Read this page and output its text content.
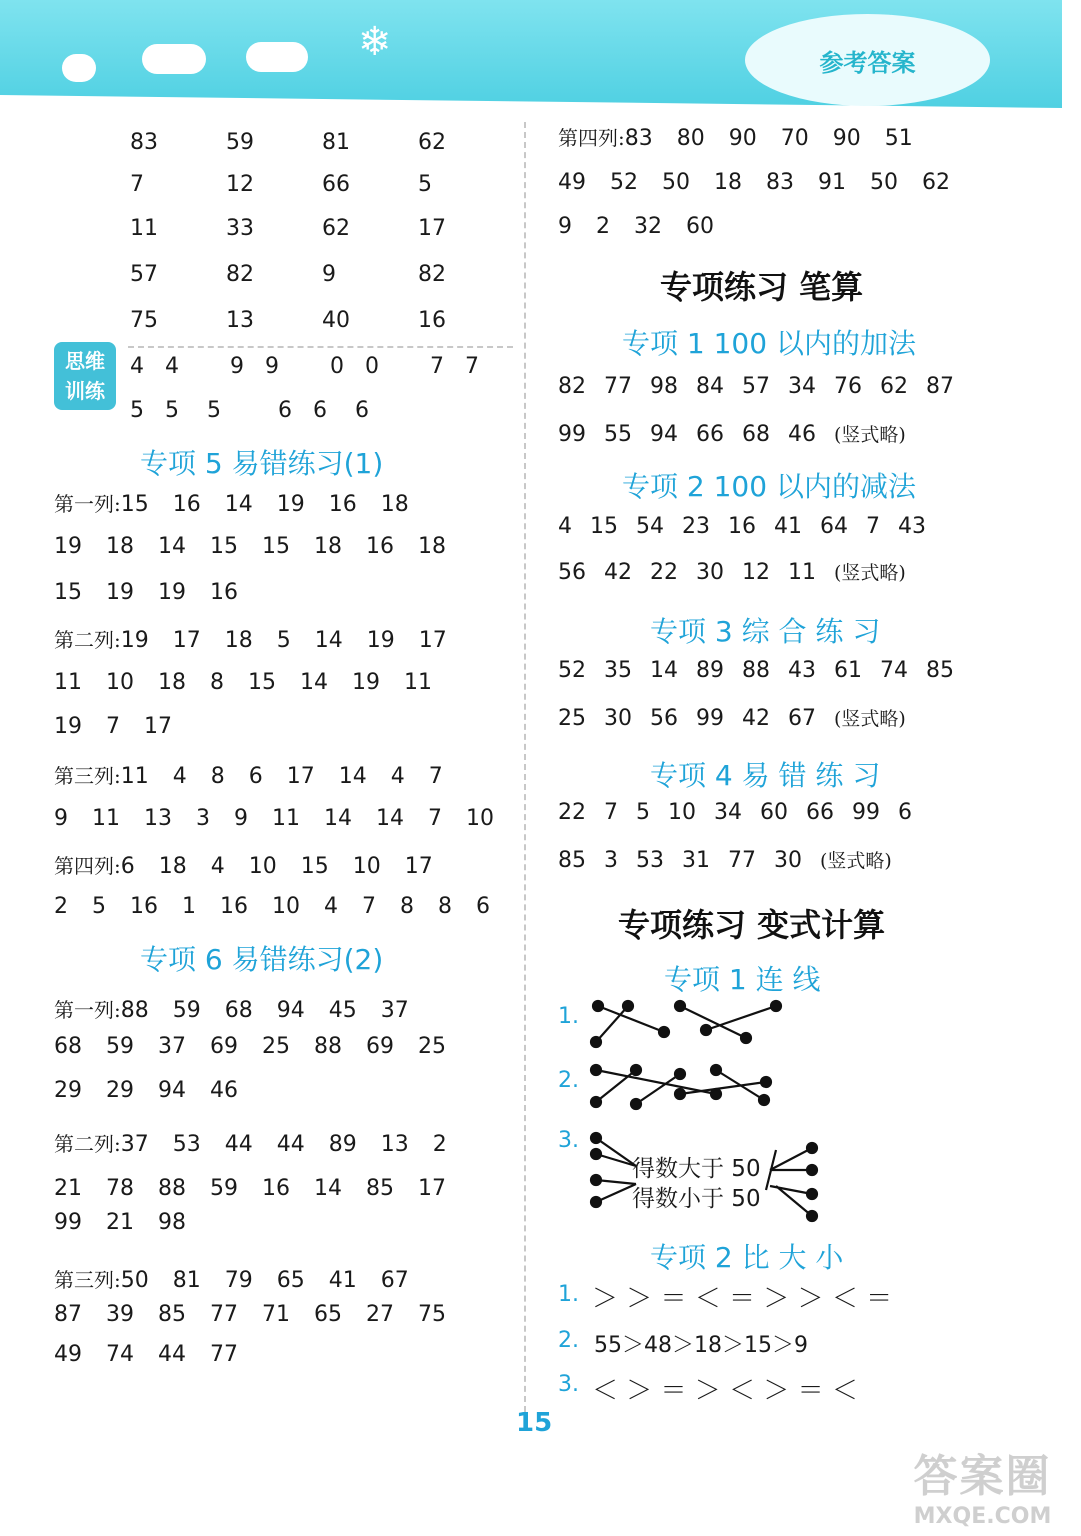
❄	参考答案
83	59	81	62
7	12	66	5
11	33	62	17
57	82	9	82
75	13	40	16
思维
训练
4 4 9 9 0 0 7 7
5 5 5	6 6 6
专项 5 易错练习(1)
第一列:15 16 14 19 16 18
19 18 14 15 15 18 16 18
15 19 19 16
第二列:19 17 18 5 14 19 17
11 10 18 8 15 14 19 11
19 7 17
第三列:11 4 8 6 17 14 4 7
9 11 13 3 9 11 14 14 7 10
第四列:6 18 4 10 15 10 17
2 5 16 1 16 10 4 7 8 8 6
专项 6 易错练习(2)
第一列:88 59 68 94 45 37
68 59 37 69 25 88 69 25
29 29 94 46
第二列:37 53 44 44 89 13 2
21 78 88 59 16 14 85 17
99 21 98
第三列:50 81 79 65 41 67
87 39 85 77 71 65 27 75
49 74 44 77
第四列:83 80 90 70 90 51
49 52 50 18 83 91 50 62
9 2 32 60
专项练习 笔算
专项 1 100 以内的加法
82 77 98 84 57 34 76 62 87
99 55 94 66 68 46 (竖式略)
专项 2 100 以内的减法
4 15 54 23 16 41 64 7 43
56 42 22 30 12 11 (竖式略)
专项 3 综 合 练 习
52 35 14 89 88 43 61 74 85
25 30 56 99 42 67 (竖式略)
专项 4 易 错 练 习
22 7 5 10 34 60 66 99 6
85 3 53 31 77 30 (竖式略)
专项练习 变式计算
专项 1 连 线
1.
2.
3.
得数大于 50
得数小于 50
专项 2 比 大 小
1. ＞ ＞ ＝ ＜ ＝ ＞ ＞ ＜ ＝
2. 55＞48＞18＞15＞9
3. ＜ ＞ ＝ ＞ ＜ ＞ ＝ ＜
15
答案圈
MXQE.COM
